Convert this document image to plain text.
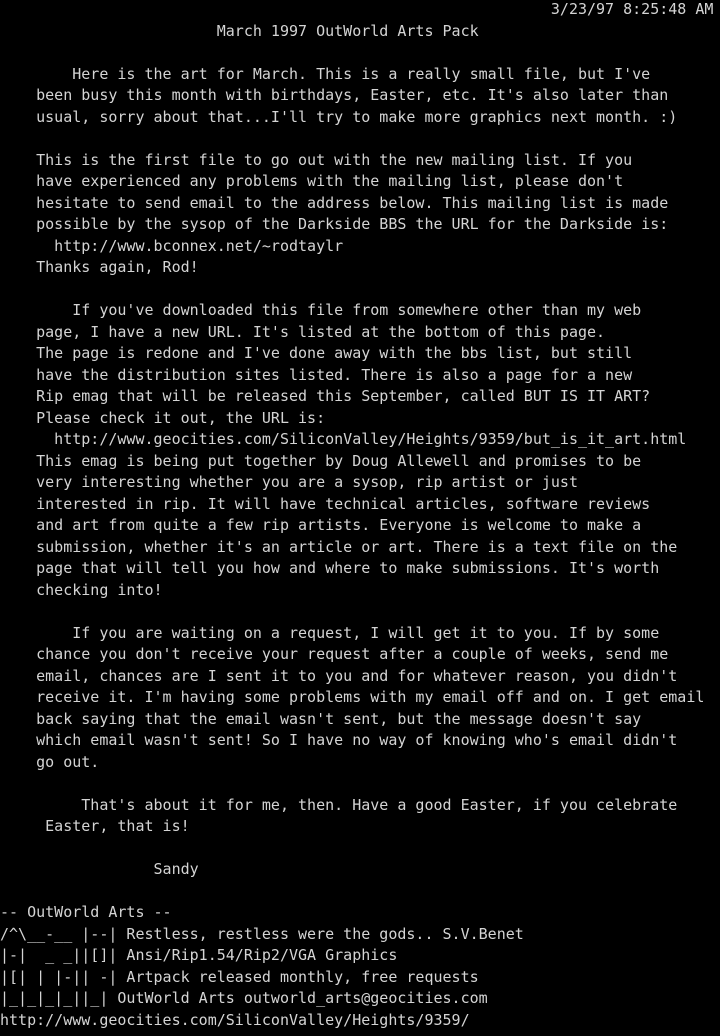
3/23/97 8:25:48 AM
March 1997 OutWorld Arts Pack
Here is the art for March. This is a really small file, but I've
been busy this month with birthdays, Easter, etc. It's also later than
usual, sorry about that...I'll try to make more graphics next month. :)
This is the first file to go out with the new mailing list. If you
have experienced any problems with the mailing list, please don't
hesitate to send email to the address below. This mailing list is made
possible by the sysop of the Darkside BBS the URL for the Darkside is:
http://www.bconnex.net/~rodtaylr
Thanks again, Rod!
If you've downloaded this file from somewhere other than my web
page, I have a new URL. It's listed at the bottom of this page.
The page is redone and I've done away with the bbs list, but still
have the distribution sites listed. There is also a page for a new
Rip emag that will be released this September, called BUT IS IT ART?
Please check it out, the URL is:
http://www.geocities.com/SiliconValley/Heights/9359/but_is_it_art.html
This emag is being put together by Doug Allewell and promises to be
very interesting whether you are a sysop, rip artist or just
interested in rip. It will have technical articles, software reviews
and art from quite a few rip artists. Everyone is welcome to make a
submission, whether it's an article or art. There is a text file on the
page that will tell you how and where to make submissions. It's worth
checking into!
If you are waiting on a request, I will get it to you. If by some
chance you don't receive your request after a couple of weeks, send me
email, chances are I sent it to you and for whatever reason, you didn't
receive it. I'm having some problems with my email off and on. I get email
back saying that the email wasn't sent, but the message doesn't say
which email wasn't sent! So I have no way of knowing who's email didn't
go out.
That's about it for me, then. Have a good Easter, if you celebrate
Easter, that is!
Sandy
-- OutWorld Arts --
/^\__-__ |--| Restless, restless were the gods.. S.V.Benet
|-|  _ _||[]| Ansi/Rip1.54/Rip2/VGA Graphics
|[| | |-|| -| Artpack released monthly, free requests
|_|_|_|_||_| OutWorld Arts outworld_arts@geocities.com
http://www.geocities.com/SiliconValley/Heights/9359/
